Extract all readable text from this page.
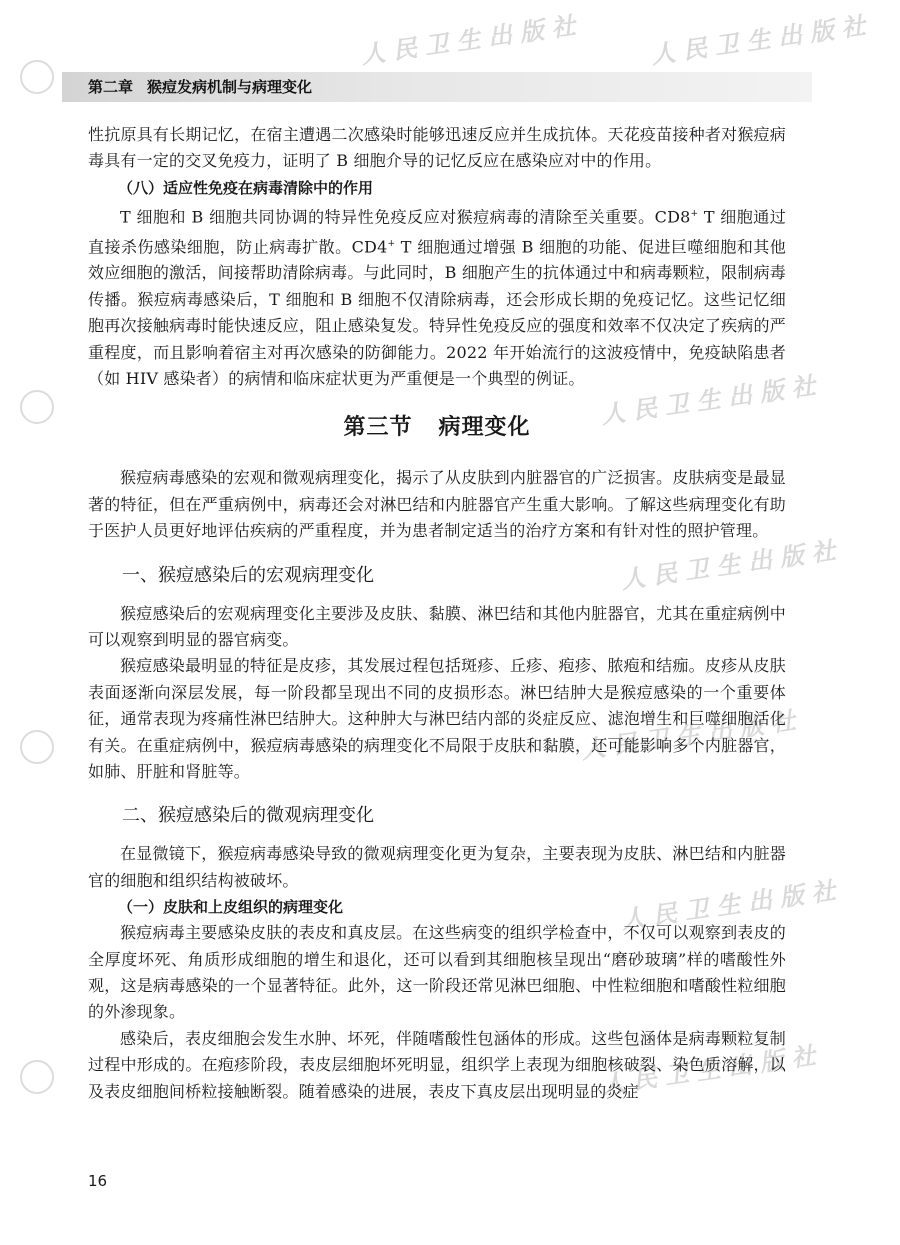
人民卫生出版社	人民卫生出版社
人民卫生出版社
人民卫生出版社
人民卫生出版社
人民卫生出版社
人民卫生出版社
第二章 猴痘发病机制与病理变化

性抗原具有长期记忆，在宿主遭遇二次感染时能够迅速反应并生成抗体。天花疫苗接种者对猴痘病毒具有一定的交叉免疫力，证明了 B 细胞介导的记忆反应在感染应对中的作用。

（八）适应性免疫在病毒清除中的作用

T 细胞和 B 细胞共同协调的特异性免疫反应对猴痘病毒的清除至关重要。CD8+ T 细胞通过直接杀伤感染细胞，防止病毒扩散。CD4+ T 细胞通过增强 B 细胞的功能、促进巨噬细胞和其他效应细胞的激活，间接帮助清除病毒。与此同时，B 细胞产生的抗体通过中和病毒颗粒，限制病毒传播。猴痘病毒感染后，T 细胞和 B 细胞不仅清除病毒，还会形成长期的免疫记忆。这些记忆细胞再次接触病毒时能快速反应，阻止感染复发。特异性免疫反应的强度和效率不仅决定了疾病的严重程度，而且影响着宿主对再次感染的防御能力。2022 年开始流行的这波疫情中，免疫缺陷患者（如 HIV 感染者）的病情和临床症状更为严重便是一个典型的例证。

第三节 病理变化

猴痘病毒感染的宏观和微观病理变化，揭示了从皮肤到内脏器官的广泛损害。皮肤病变是最显著的特征，但在严重病例中，病毒还会对淋巴结和内脏器官产生重大影响。了解这些病理变化有助于医护人员更好地评估疾病的严重程度，并为患者制定适当的治疗方案和有针对性的照护管理。

一、猴痘感染后的宏观病理变化

猴痘感染后的宏观病理变化主要涉及皮肤、黏膜、淋巴结和其他内脏器官，尤其在重症病例中可以观察到明显的器官病变。

猴痘感染最明显的特征是皮疹，其发展过程包括斑疹、丘疹、疱疹、脓疱和结痂。皮疹从皮肤表面逐渐向深层发展，每一阶段都呈现出不同的皮损形态。淋巴结肿大是猴痘感染的一个重要体征，通常表现为疼痛性淋巴结肿大。这种肿大与淋巴结内部的炎症反应、滤泡增生和巨噬细胞活化有关。在重症病例中，猴痘病毒感染的病理变化不局限于皮肤和黏膜，还可能影响多个内脏器官，如肺、肝脏和肾脏等。

二、猴痘感染后的微观病理变化

在显微镜下，猴痘病毒感染导致的微观病理变化更为复杂，主要表现为皮肤、淋巴结和内脏器官的细胞和组织结构被破坏。

（一）皮肤和上皮组织的病理变化

猴痘病毒主要感染皮肤的表皮和真皮层。在这些病变的组织学检查中，不仅可以观察到表皮的全厚度坏死、角质形成细胞的增生和退化，还可以看到其细胞核呈现出“磨砂玻璃”样的嗜酸性外观，这是病毒感染的一个显著特征。此外，这一阶段还常见淋巴细胞、中性粒细胞和嗜酸性粒细胞的外渗现象。

感染后，表皮细胞会发生水肿、坏死，伴随嗜酸性包涵体的形成。这些包涵体是病毒颗粒复制过程中形成的。在疱疹阶段，表皮层细胞坏死明显，组织学上表现为细胞核破裂、染色质溶解，以及表皮细胞间桥粒接触断裂。随着感染的进展，表皮下真皮层出现明显的炎症

16
